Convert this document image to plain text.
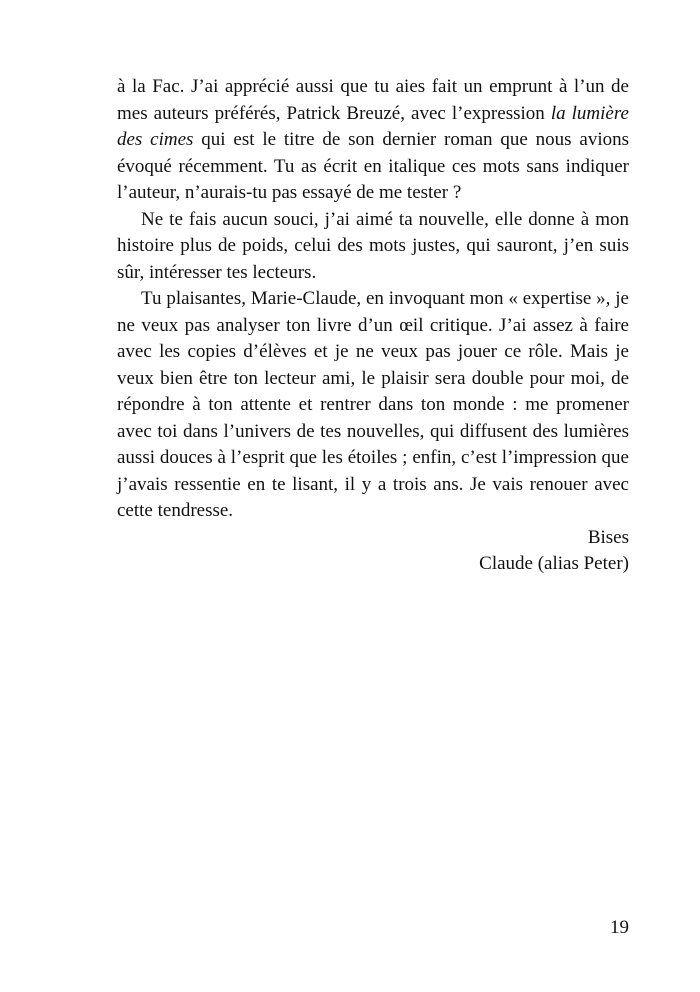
à la Fac. J’ai apprécié aussi que tu aies fait un emprunt à l’un de mes auteurs préférés, Patrick Breuzé, avec l’expression la lumière des cimes qui est le titre de son dernier roman que nous avions évoqué récemment. Tu as écrit en italique ces mots sans indiquer l’auteur, n’aurais-tu pas essayé de me tester ?

Ne te fais aucun souci, j’ai aimé ta nouvelle, elle donne à mon histoire plus de poids, celui des mots justes, qui sauront, j’en suis sûr, intéresser tes lecteurs.

Tu plaisantes, Marie-Claude, en invoquant mon « expertise », je ne veux pas analyser ton livre d’un œil critique. J’ai assez à faire avec les copies d’élèves et je ne veux pas jouer ce rôle. Mais je veux bien être ton lecteur ami, le plaisir sera double pour moi, de répondre à ton attente et rentrer dans ton monde : me promener avec toi dans l’univers de tes nouvelles, qui diffusent des lumières aussi douces à l’esprit que les étoiles ; enfin, c’est l’impression que j’avais ressentie en te lisant, il y a trois ans. Je vais renouer avec cette tendresse.

Bises

Claude (alias Peter)

19
